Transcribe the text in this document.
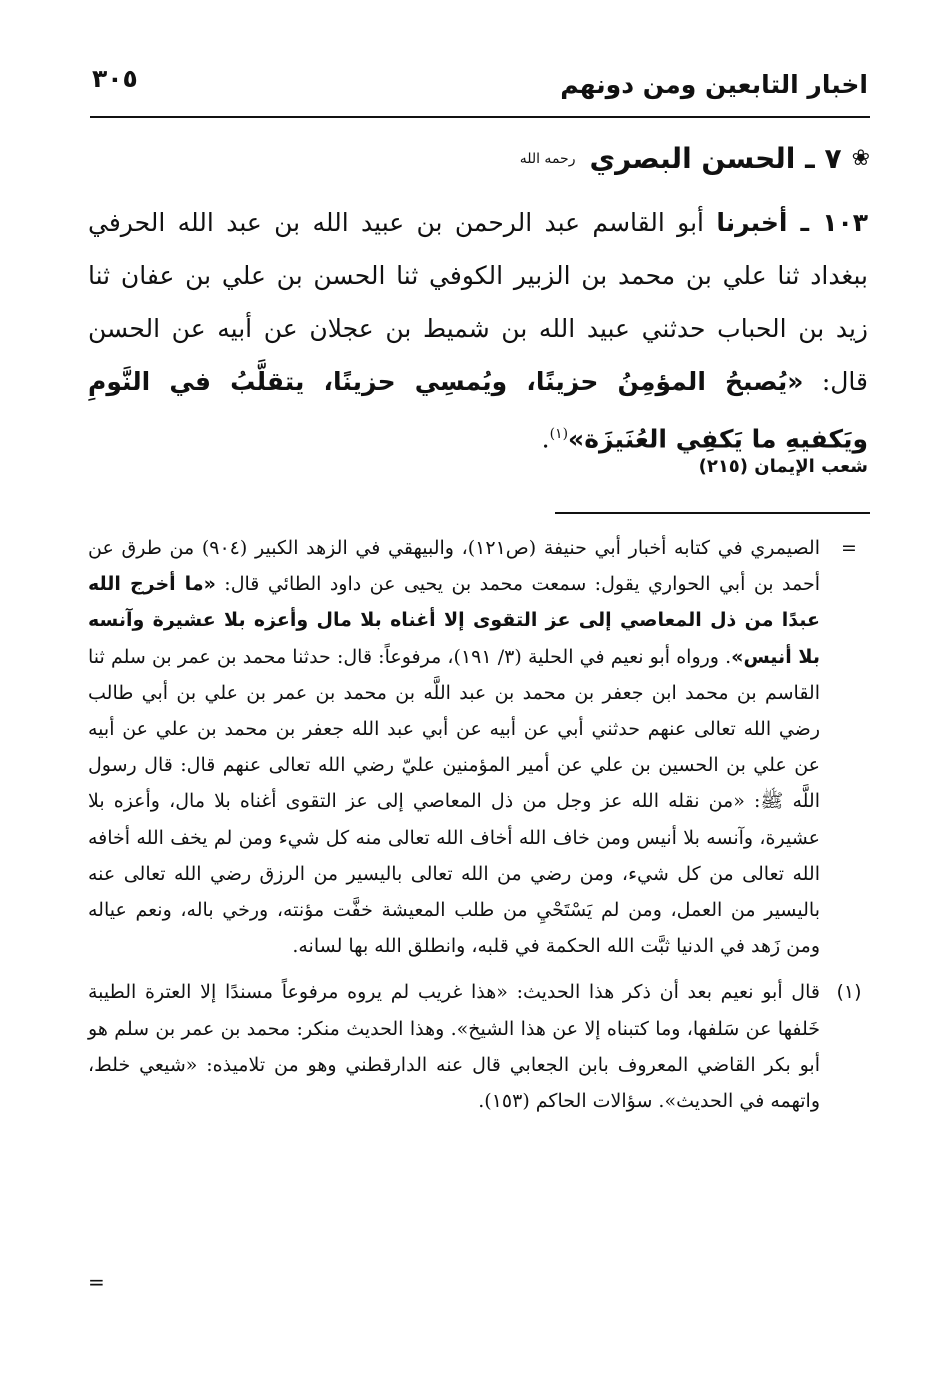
اخبار التابعين ومن دونهم
٣٠٥
❀
٧ ـ الحسن البصري
رحمه الله

١٠٣ ـ أخبرنا أبو القاسم عبد الرحمن بن عبيد الله بن عبد الله الحرفي ببغداد ثنا علي بن محمد بن الزبير الكوفي ثنا الحسن بن علي بن عفان ثنا زيد بن الحباب حدثني عبيد الله بن شميط بن عجلان عن أبيه عن الحسن قال: «يُصبحُ المؤمِنُ حزينًا، ويُمسِي حزينًا، يتقلَّبُ في النَّومِ ويَكفيهِ ما يَكفِي العُنَيزَة»$^{(١)}$.

شعب الإيمان (٢١٥)
=

الصيمري في كتابه أخبار أبي حنيفة (ص١٢١)، والبيهقي في الزهد الكبير (٩٠٤) من طرق عن أحمد بن أبي الحواري يقول: سمعت محمد بن يحيى عن داود الطائي قال: «ما أخرج الله عبدًا من ذل المعاصي إلى عز التقوى إلا أغناه بلا مال وأعزه بلا عشيرة وآنسه بلا أنيس». ورواه أبو نعيم في الحلية (٣/ ١٩١)، مرفوعاً: قال: حدثنا محمد بن عمر بن سلم ثنا القاسم بن محمد ابن جعفر بن محمد بن عبد اللَّه بن محمد بن عمر بن علي بن أبي طالب رضي الله تعالى عنهم حدثني أبي عن أبيه عن أبي عبد الله جعفر بن محمد بن علي عن أبيه عن علي بن الحسين بن علي عن أمير المؤمنين عليّ رضي الله تعالى عنهم قال: قال رسول اللَّه ﷺ: «من نقله الله عز وجل من ذل المعاصي إلى عز التقوى أغناه بلا مال، وأعزه بلا عشيرة، وآنسه بلا أنيس ومن خاف الله أخاف الله تعالى منه كل شيء ومن لم يخف الله أخافه الله تعالى من كل شيء، ومن رضي من الله تعالى باليسير من الرزق رضي الله تعالى عنه باليسير من العمل، ومن لم يَسْتَحْيِ من طلب المعيشة خفَّت مؤنته، ورخي باله، ونعم عياله ومن زَهد في الدنيا ثبَّت الله الحكمة في قلبه، وانطلق الله بها لسانه.

(١)

قال أبو نعيم بعد أن ذكر هذا الحديث: «هذا غريب لم يروه مرفوعاً مسندًا إلا العترة الطيبة خَلفها عن سَلفها، وما كتبناه إلا عن هذا الشيخ». وهذا الحديث منكر: محمد بن عمر بن سلم هو أبو بكر القاضي المعروف بابن الجعابي قال عنه الدارقطني وهو من تلاميذه: «شيعي خلط، واتهمه في الحديث». سؤالات الحاكم (١٥٣).

=
